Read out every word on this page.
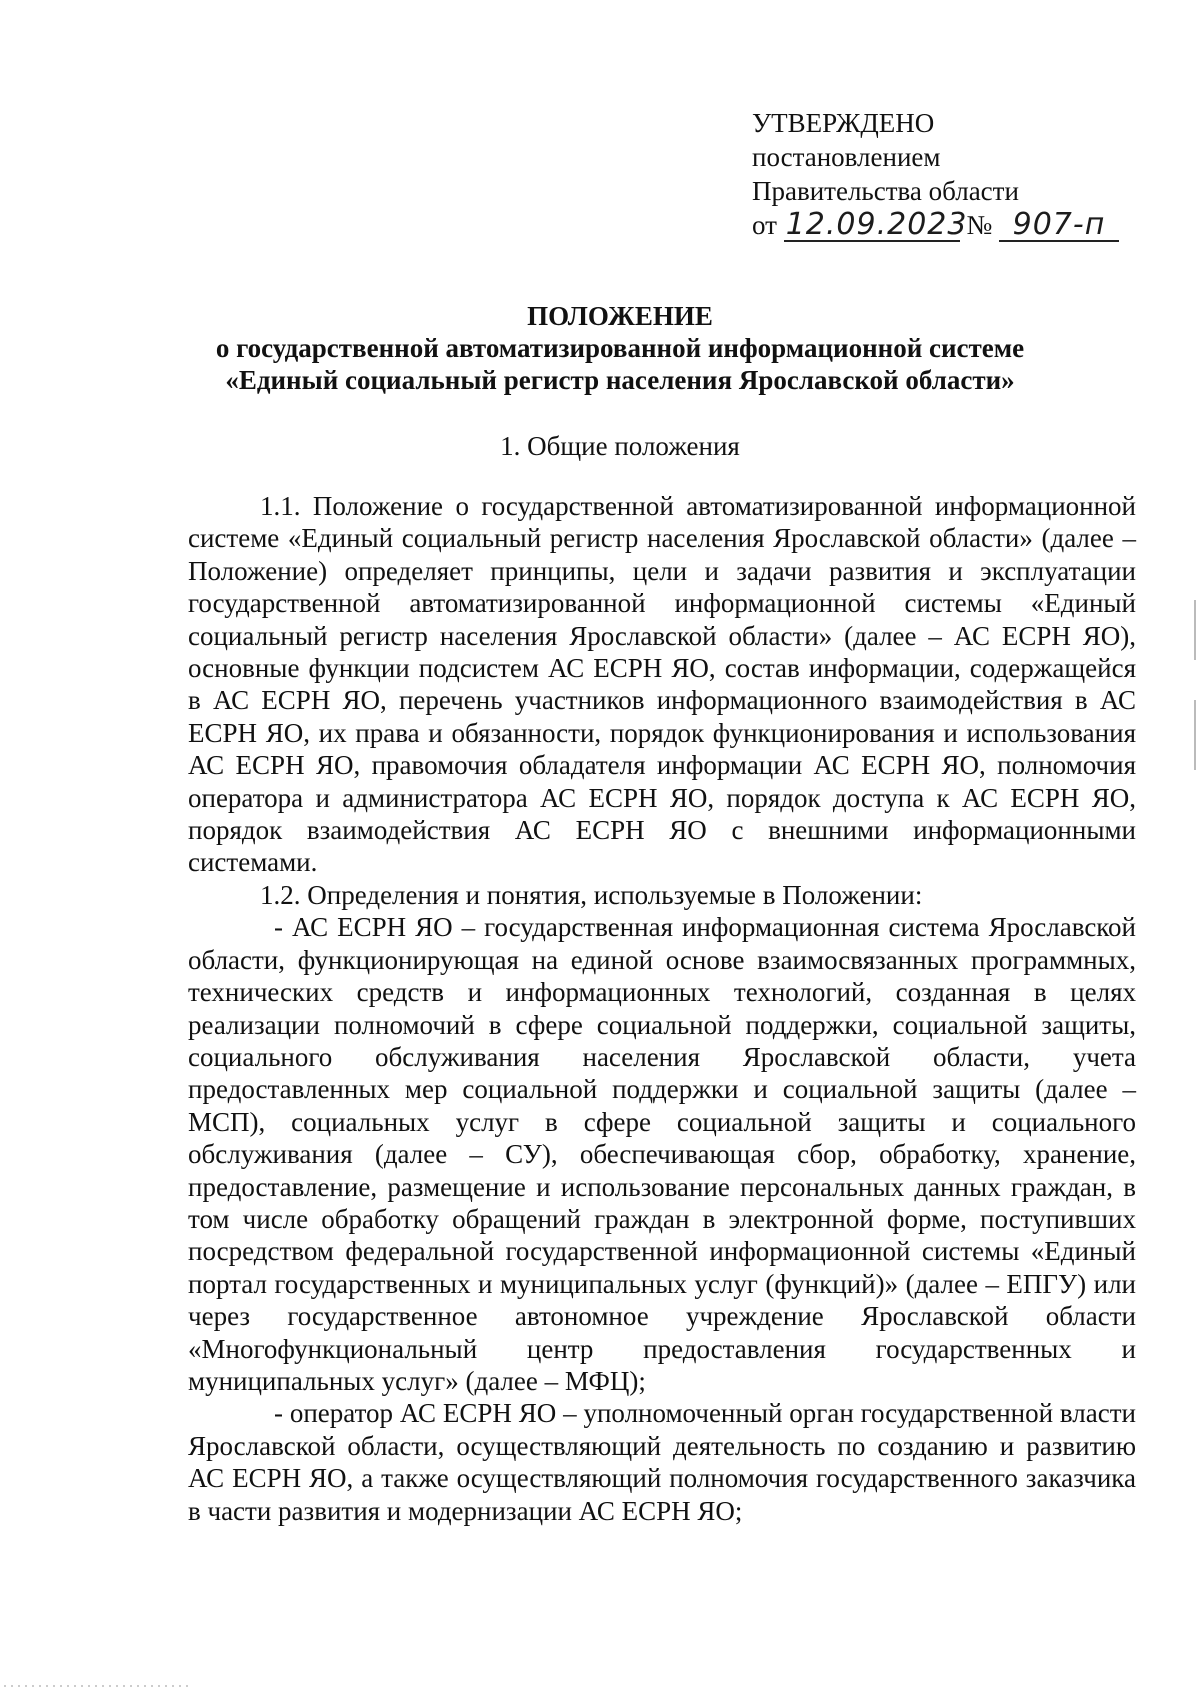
УТВЕРЖДЕНО
постановлением
Правительства области
от 12.09.2023 № 907-п
ПОЛОЖЕНИЕ
о государственной автоматизированной информационной системе
«Единый социальный регистр населения Ярославской области»
1. Общие положения

1.1. Положение о государственной автоматизированной информационной системе «Единый социальный регистр населения Ярославской области» (далее – Положение) определяет принципы, цели и задачи развития и эксплуатации государственной автоматизированной информационной системы «Единый социальный регистр населения Ярославской области» (далее – АС ЕСРН ЯО), основные функции подсистем АС ЕСРН ЯО, состав информации, содержащейся в АС ЕСРН ЯО, перечень участников информационного взаимодействия в АС ЕСРН ЯО, их права и обязанности, порядок функционирования и использования АС ЕСРН ЯО, правомочия обладателя информации АС ЕСРН ЯО, полномочия оператора и администратора АС ЕСРН ЯО, порядок доступа к АС ЕСРН ЯО, порядок взаимодействия АС ЕСРН ЯО с внешними информационными системами.

1.2. Определения и понятия, используемые в Положении:

- АС ЕСРН ЯО – государственная информационная система Ярославской области, функционирующая на единой основе взаимосвязанных программных, технических средств и информационных технологий, созданная в целях реализации полномочий в сфере социальной поддержки, социальной защиты, социального обслуживания населения Ярославской области, учета предоставленных мер социальной поддержки и социальной защиты (далее – МСП), социальных услуг в сфере социальной защиты и социального обслуживания (далее – СУ), обеспечивающая сбор, обработку, хранение, предоставление, размещение и использование персональных данных граждан, в том числе обработку обращений граждан в электронной форме, поступивших посредством федеральной государственной информационной системы «Единый портал государственных и муниципальных услуг (функций)» (далее – ЕПГУ) или через государственное автономное учреждение Ярославской области «Многофункциональный центр предоставления государственных и муниципальных услуг» (далее – МФЦ);

- оператор АС ЕСРН ЯО – уполномоченный орган государственной власти Ярославской области, осуществляющий деятельность по созданию и развитию АС ЕСРН ЯО, а также осуществляющий полномочия государственного заказчика в части развития и модернизации АС ЕСРН ЯО;
